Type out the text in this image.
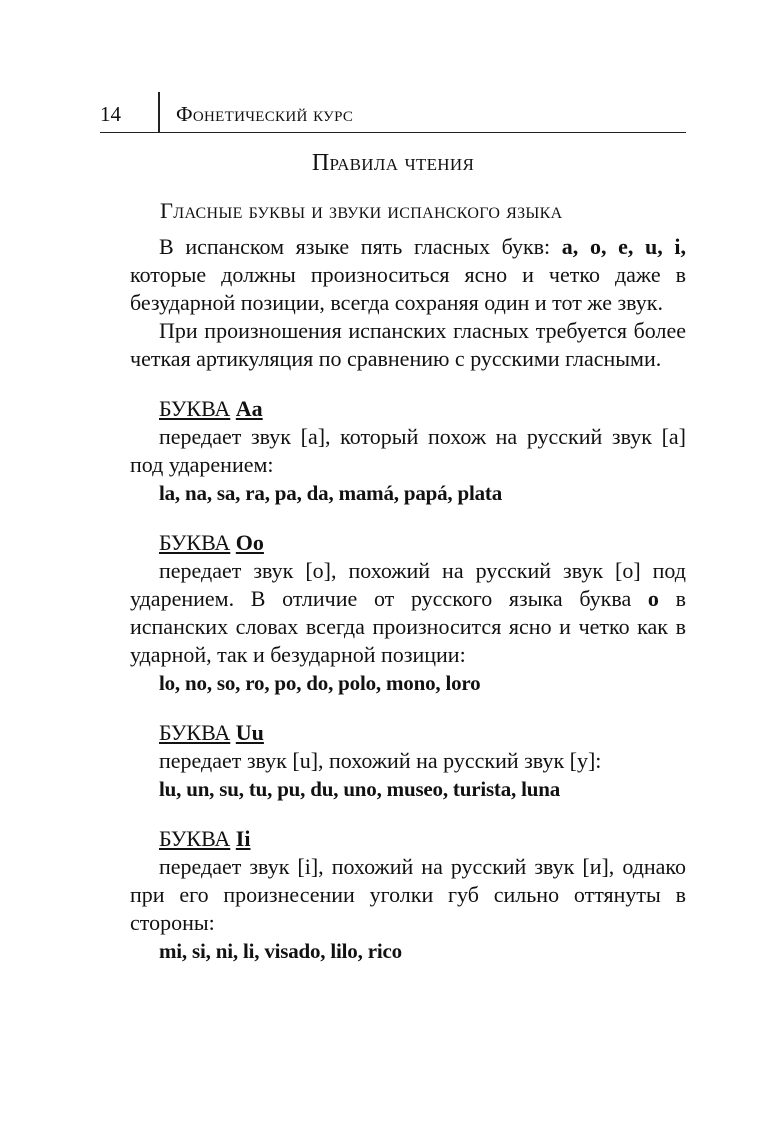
14	Фонетический курс
Правила чтения
Гласные буквы и звуки испанского языка

В испанском языке пять гласных букв: a, o, e, u, i, которые должны произноситься ясно и четко даже в безударной позиции, всегда сохраняя один и тот же звук.

При произношения испанских гласных требуется более четкая артикуляция по сравнению с русскими гласными.

БУКВА Aa

передает звук [a], который похож на русский звук [а] под ударением:

la, na, sa, ra, pa, da, mamá, papá, plata
БУКВА Oo

передает звук [o], похожий на русский звук [о] под ударением. В отличие от русского языка буква o в испанских словах всегда произносится ясно и четко как в ударной, так и безударной позиции:

lo, no, so, ro, po, do, polo, mono, loro
БУКВА Uu

передает звук [u], похожий на русский звук [у]:

lu, un, su, tu, pu, du, uno, museo, turista, luna
БУКВА Ii

передает звук [i], похожий на русский звук [и], однако при его произнесении уголки губ сильно оттянуты в стороны:

mi, si, ni, li, visado, lilo, rico
